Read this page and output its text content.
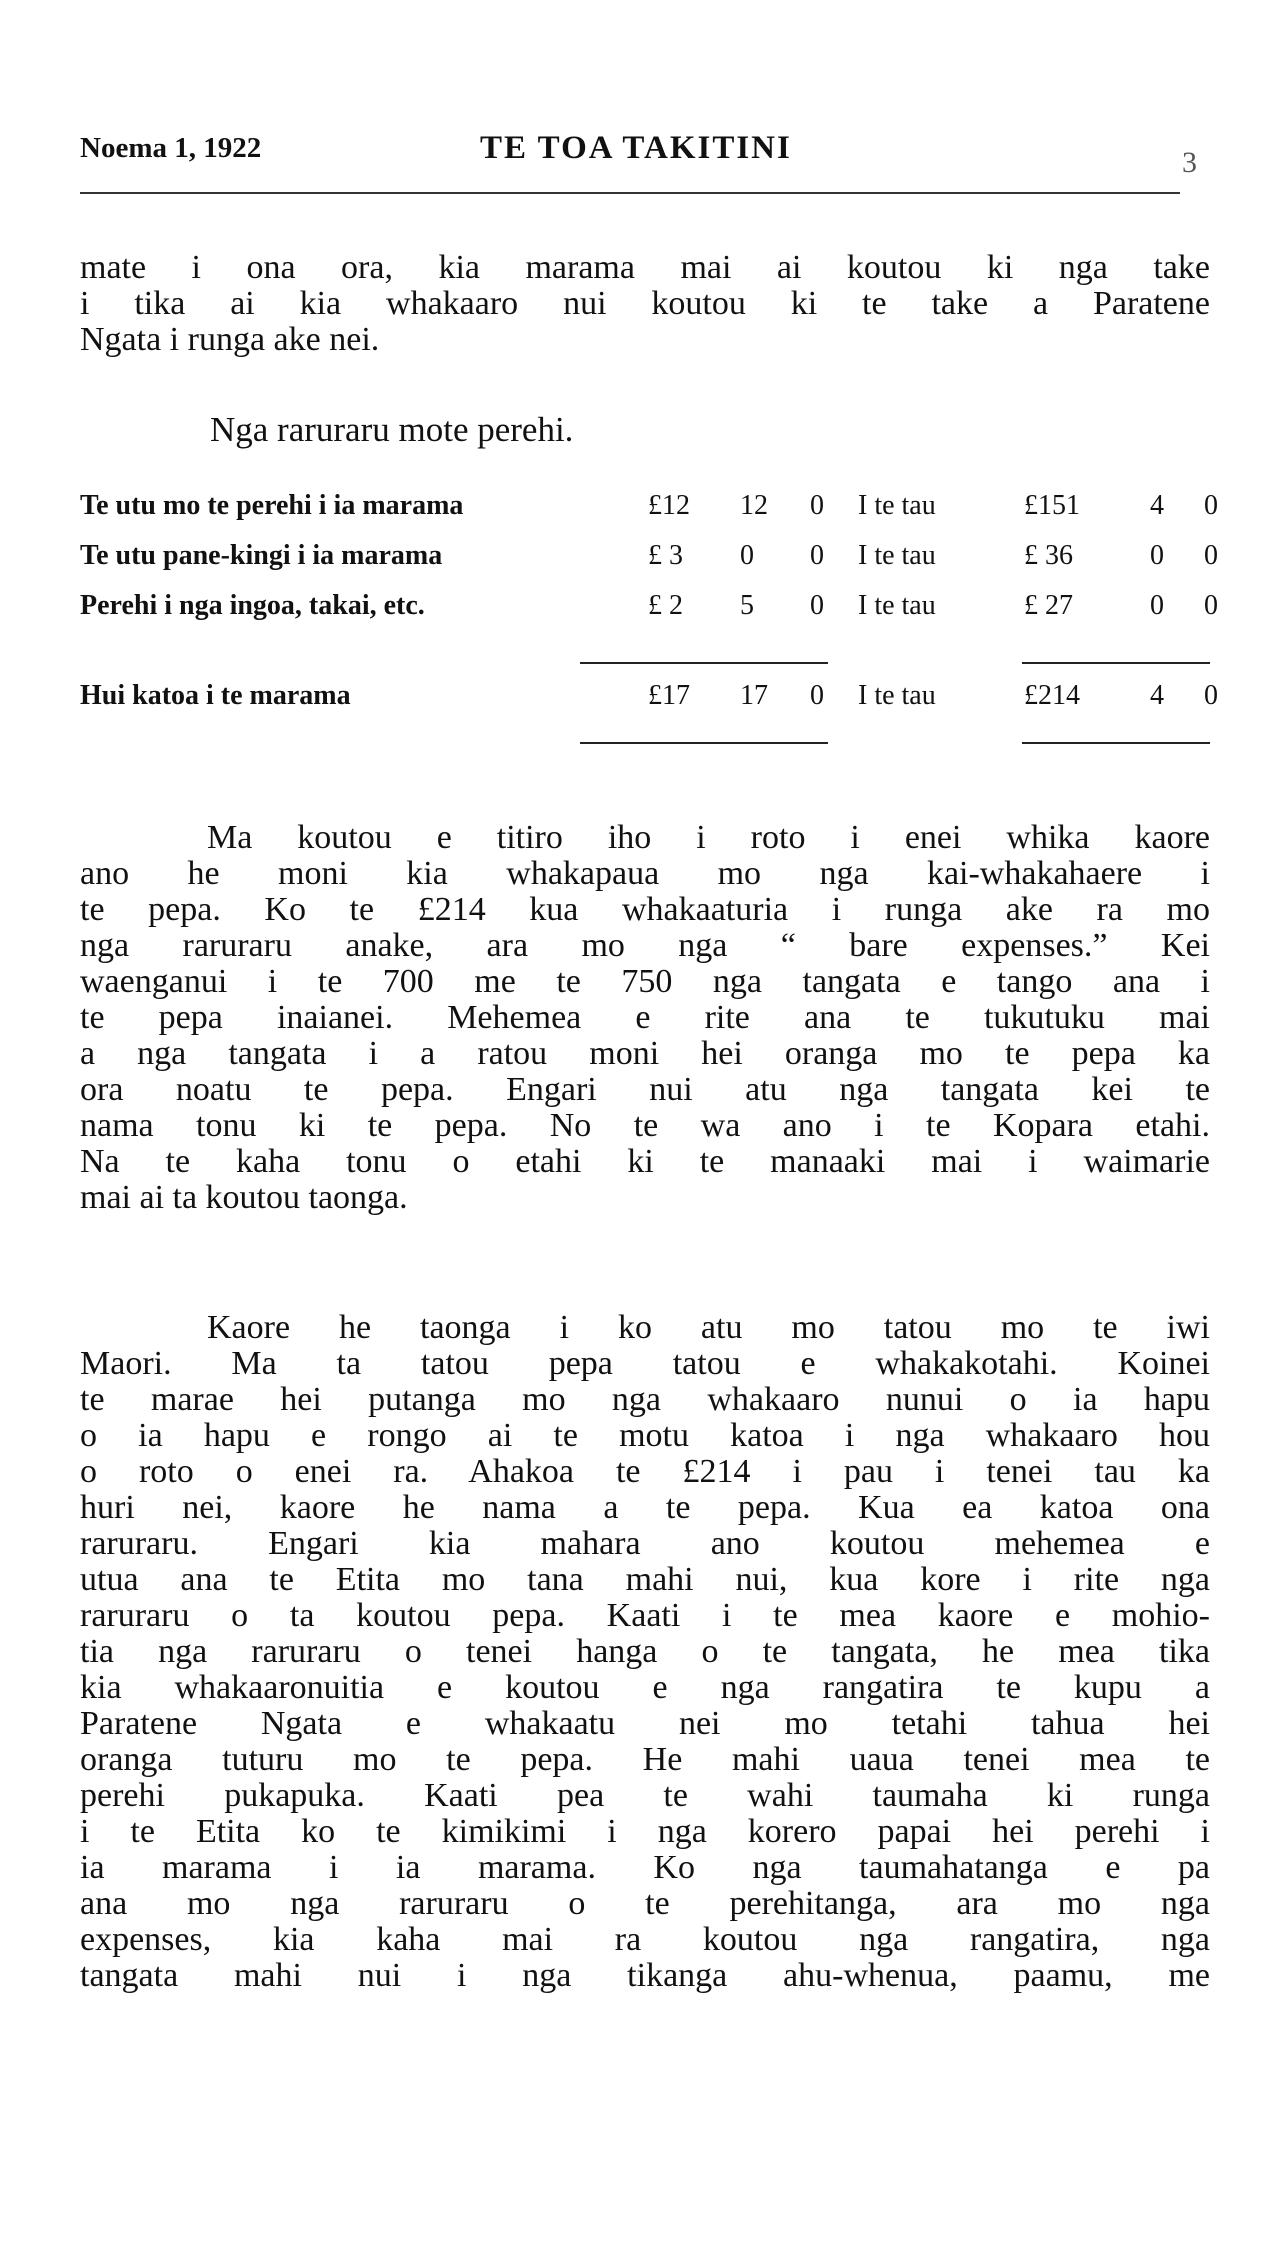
Noema 1, 1922	TE TOA TAKITINI	3
mate i ona ora, kia marama mai ai koutou ki nga take
i tika ai kia whakaaro nui koutou ki te take a Paratene
Ngata i runga ake nei.
Nga raruraru mote perehi.
Te utu mo te perehi i ia marama	£12	12	0	I te tau	£151	4	0
Te utu pane-kingi i ia marama	£ 3	0	0	I te tau	£ 36	0	0
Perehi i nga ingoa, takai, etc.	£ 2	5	0	I te tau	£ 27	0	0
Hui katoa i te marama	£17	17	0	I te tau	£214	4	0
Ma koutou e titiro iho i roto i enei whika kaore
ano he moni kia whakapaua mo nga kai-whakahaere i
te pepa. Ko te £214 kua whakaaturia i runga ake ra mo
nga raruraru anake, ara mo nga “ bare expenses.” Kei
waenganui i te 700 me te 750 nga tangata e tango ana i
te pepa inaianei. Mehemea e rite ana te tukutuku mai
a nga tangata i a ratou moni hei oranga mo te pepa ka
ora noatu te pepa. Engari nui atu nga tangata kei te
nama tonu ki te pepa. No te wa ano i te Kopara etahi.
Na te kaha tonu o etahi ki te manaaki mai i waimarie
mai ai ta koutou taonga.
Kaore he taonga i ko atu mo tatou mo te iwi
Maori. Ma ta tatou pepa tatou e whakakotahi. Koinei
te marae hei putanga mo nga whakaaro nunui o ia hapu
o ia hapu e rongo ai te motu katoa i nga whakaaro hou
o roto o enei ra. Ahakoa te £214 i pau i tenei tau ka
huri nei, kaore he nama a te pepa. Kua ea katoa ona
raruraru. Engari kia mahara ano koutou mehemea e
utua ana te Etita mo tana mahi nui, kua kore i rite nga
raruraru o ta koutou pepa. Kaati i te mea kaore e mohio-
tia nga raruraru o tenei hanga o te tangata, he mea tika
kia whakaaronuitia e koutou e nga rangatira te kupu a
Paratene Ngata e whakaatu nei mo tetahi tahua hei
oranga tuturu mo te pepa. He mahi uaua tenei mea te
perehi pukapuka. Kaati pea te wahi taumaha ki runga
i te Etita ko te kimikimi i nga korero papai hei perehi i
ia marama i ia marama. Ko nga taumahatanga e pa
ana mo nga raruraru o te perehitanga, ara mo nga
expenses, kia kaha mai ra koutou nga rangatira, nga
tangata mahi nui i nga tikanga ahu-whenua, paamu, me
